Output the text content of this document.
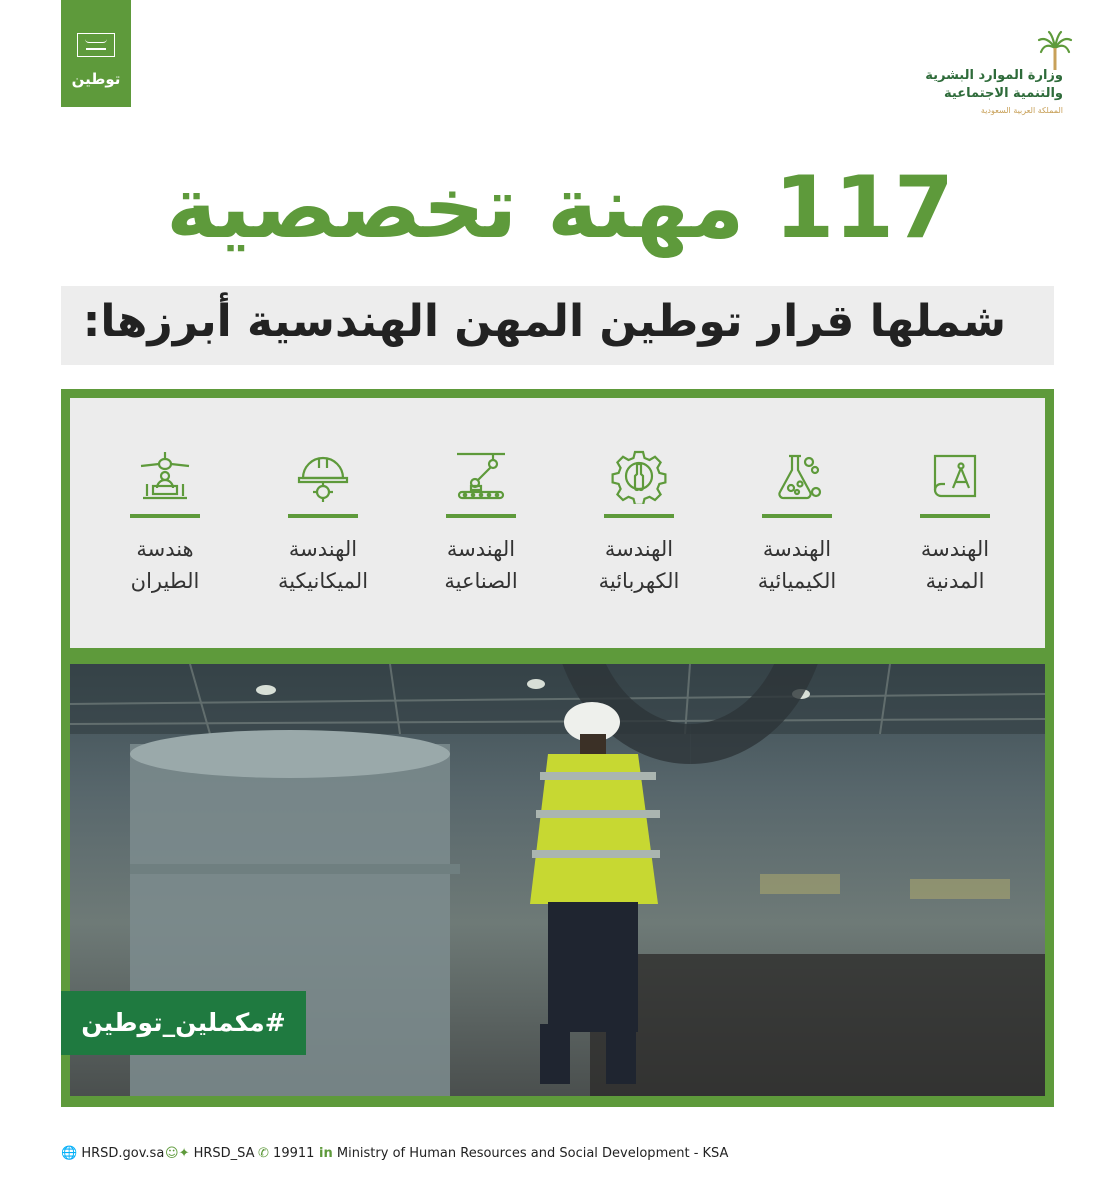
توطين	وزارة الموارد البشرية
والتنمية الاجتماعية
المملكة العربية السعودية
117 مهنة تخصصية
شملها قرار توطين المهن الهندسية أبرزها:
الهندسة المدنية
الهندسة الكيميائية
الهندسة الكهربائية
الهندسة الصناعية
الهندسة الميكانيكية
هندسة الطيران
#مكملين_توطين
🌐 HRSD.gov.sa ☺✦ HRSD_SA ✆ 19911 in Ministry of Human Resources and Social Development - KSA
